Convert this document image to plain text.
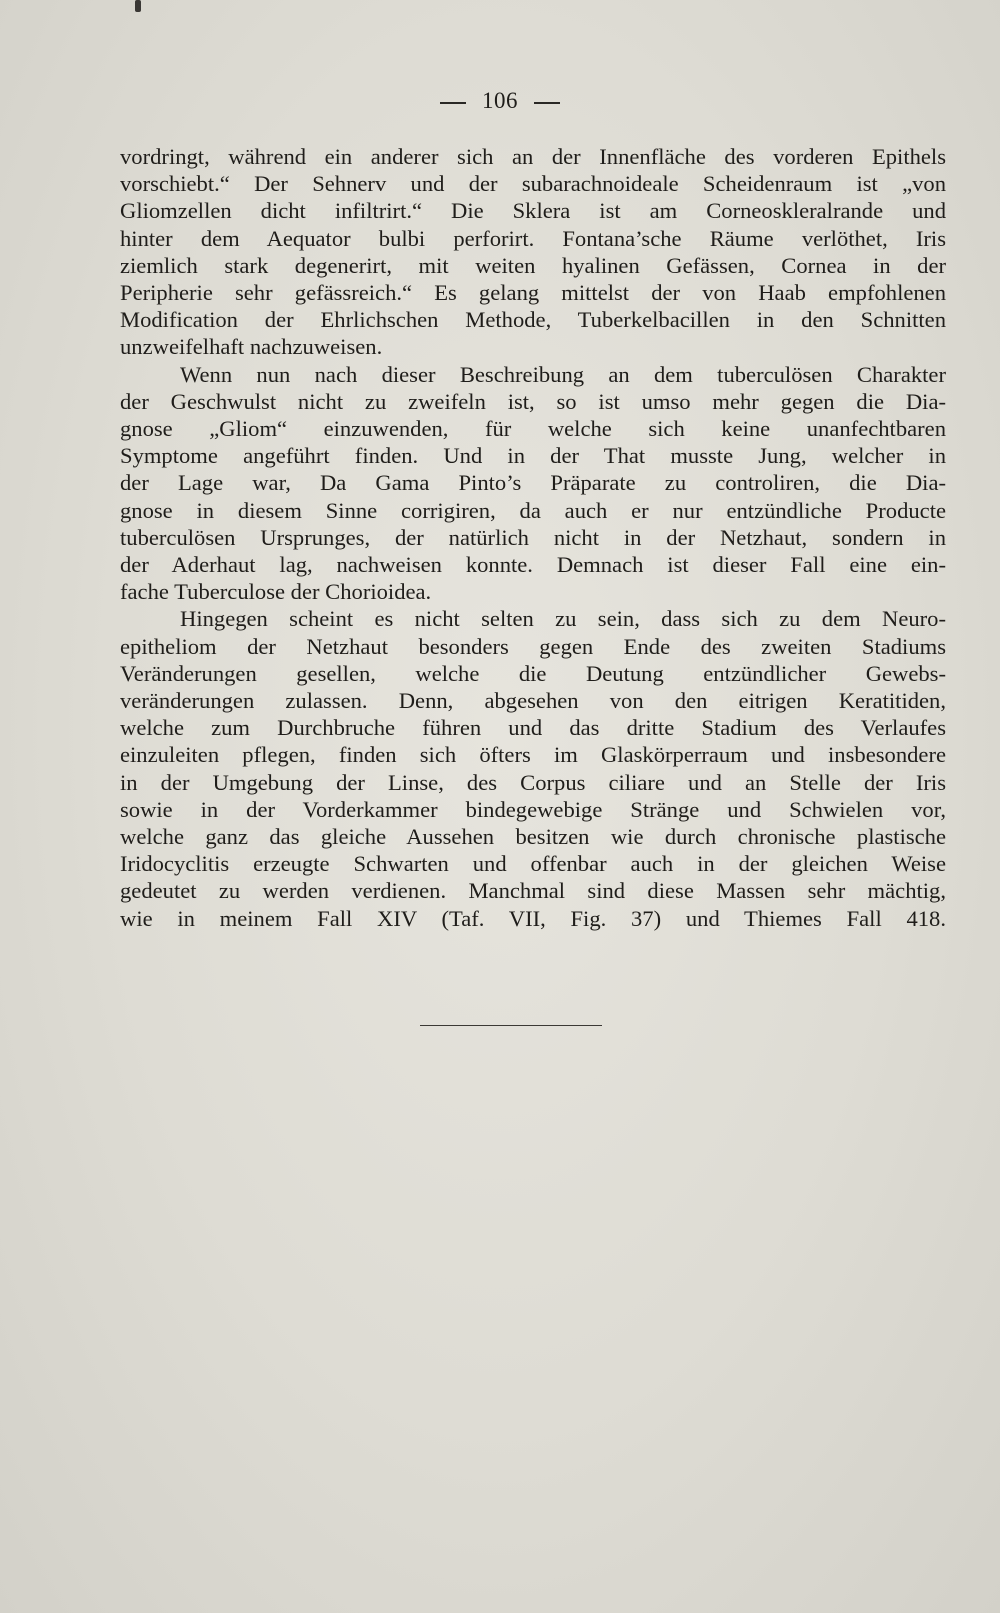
106
vordringt, während ein anderer sich an der Innenfläche des vorderen Epithels
vorschiebt.“ Der Sehnerv und der subarachnoideale Scheidenraum ist „von
Gliomzellen dicht infiltrirt.“ Die Sklera ist am Corneoskleralrande und
hinter dem Aequator bulbi perforirt. Fontana’sche Räume verlöthet, Iris
ziemlich stark degenerirt, mit weiten hyalinen Gefässen, Cornea in der
Peripherie sehr gefässreich.“ Es gelang mittelst der von Haab empfohlenen
Modification der Ehrlichschen Methode, Tuberkelbacillen in den Schnitten
unzweifelhaft nachzuweisen.
Wenn nun nach dieser Beschreibung an dem tuberculösen Charakter
der Geschwulst nicht zu zweifeln ist, so ist umso mehr gegen die Dia-
gnose „Gliom“ einzuwenden, für welche sich keine unanfechtbaren
Symptome angeführt finden. Und in der That musste Jung, welcher in
der Lage war, Da Gama Pinto’s Präparate zu controliren, die Dia-
gnose in diesem Sinne corrigiren, da auch er nur entzündliche Producte
tuberculösen Ursprunges, der natürlich nicht in der Netzhaut, sondern in
der Aderhaut lag, nachweisen konnte. Demnach ist dieser Fall eine ein-
fache Tuberculose der Chorioidea.
Hingegen scheint es nicht selten zu sein, dass sich zu dem Neuro-
epitheliom der Netzhaut besonders gegen Ende des zweiten Stadiums
Veränderungen gesellen, welche die Deutung entzündlicher Gewebs-
veränderungen zulassen. Denn, abgesehen von den eitrigen Keratitiden,
welche zum Durchbruche führen und das dritte Stadium des Verlaufes
einzuleiten pflegen, finden sich öfters im Glaskörperraum und insbesondere
in der Umgebung der Linse, des Corpus ciliare und an Stelle der Iris
sowie in der Vorderkammer bindegewebige Stränge und Schwielen vor,
welche ganz das gleiche Aussehen besitzen wie durch chronische plastische
Iridocyclitis erzeugte Schwarten und offenbar auch in der gleichen Weise
gedeutet zu werden verdienen. Manchmal sind diese Massen sehr mächtig,
wie in meinem Fall XIV (Taf. VII, Fig. 37) und Thiemes Fall 418.
